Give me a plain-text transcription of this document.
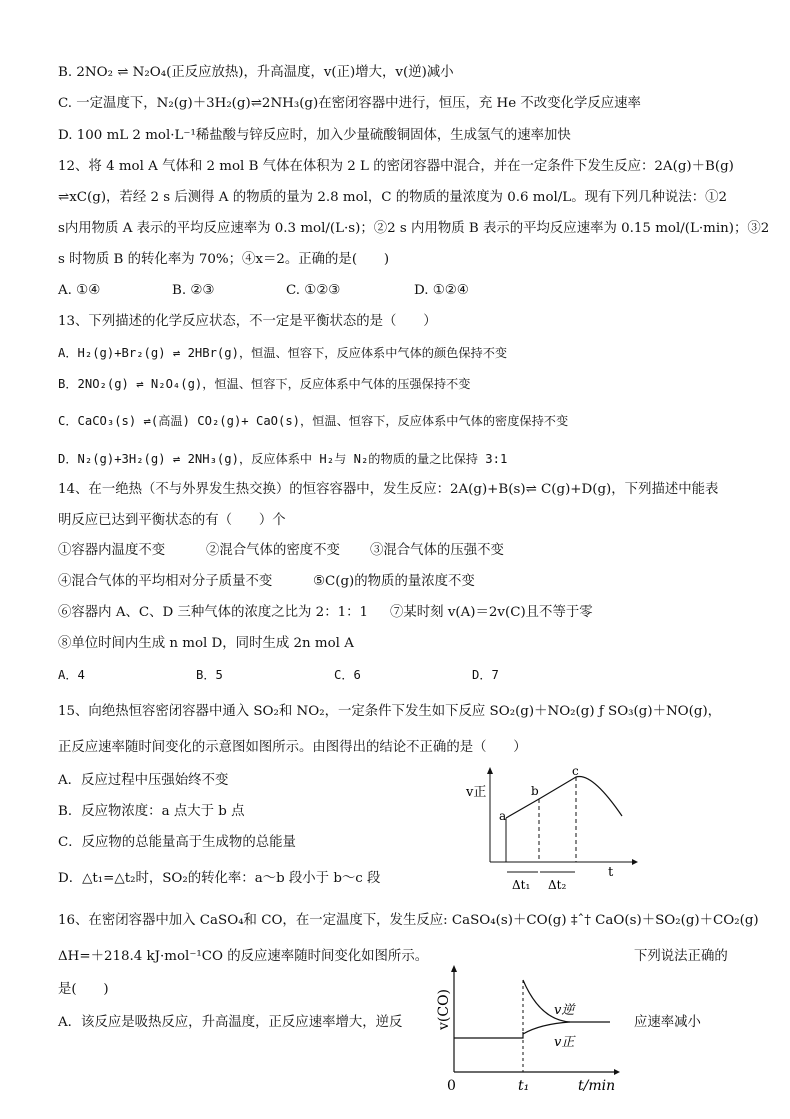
B. 2NO₂ ⇌ N₂O₄(正反应放热)，升高温度，v(正)增大，v(逆)减小
C. 一定温度下，N₂(g)＋3H₂(g)⇌2NH₃(g)在密闭容器中进行，恒压，充 He 不改变化学反应速率
D. 100 mL 2 mol·L⁻¹稀盐酸与锌反应时，加入少量硫酸铜固体，生成氢气的速率加快
12、将 4 mol A 气体和 2 mol B 气体在体积为 2 L 的密闭容器中混合，并在一定条件下发生反应：2A(g)＋B(g)
⇌xC(g)，若经 2 s 后测得 A 的物质的量为 2.8 mol，C 的物质的量浓度为 0.6 mol/L。现有下列几种说法：①2
s内用物质 A 表示的平均反应速率为 0.3 mol/(L·s)；②2 s 内用物质 B 表示的平均反应速率为 0.15 mol/(L·min)；③2
s 时物质 B 的转化率为 70%；④x＝2。正确的是(　　)
A. ①④	B. ②③	C. ①②③	D. ①②④
13、下列描述的化学反应状态，不一定是平衡状态的是（　　）
A．H₂(g)+Br₂(g) ⇌ 2HBr(g)，恒温、恒容下，反应体系中气体的颜色保持不变
B．2NO₂(g) ⇌ N₂O₄(g)，恒温、恒容下，反应体系中气体的压强保持不变
C．CaCO₃(s) ⇌(高温) CO₂(g)+ CaO(s)，恒温、恒容下，反应体系中气体的密度保持不变
D．N₂(g)+3H₂(g) ⇌ 2NH₃(g)，反应体系中 H₂与 N₂的物质的量之比保持 3:1
14、在一绝热（不与外界发生热交换）的恒容容器中，发生反应：2A(g)+B(s)⇌ C(g)+D(g)，下列描述中能表
明反应已达到平衡状态的有（　　）个
①容器内温度不变	②混合气体的密度不变 ③混合气体的压强不变
④混合气体的平均相对分子质量不变	⑤C(g)的物质的量浓度不变
⑥容器内 A、C、D 三种气体的浓度之比为 2：1：1 ⑦某时刻 v(A)＝2v(C)且不等于零
⑧单位时间内生成 n mol D，同时生成 2n mol A
A．4	B．5	C．6	D．7
15、向绝热恒容密闭容器中通入 SO₂和 NO₂，一定条件下发生如下反应 SO₂(g)＋NO₂(g) ƒ SO₃(g)＋NO(g)，
正反应速率随时间变化的示意图如图所示。由图得出的结论不正确的是（　　）
A．反应过程中压强始终不变
B．反应物浓度：a 点大于 b 点
C．反应物的总能量高于生成物的总能量
D．△t₁=△t₂时，SO₂的转化率：a～b 段小于 b～c 段
v正
t
a
b
c
Δt₁ Δt₂
16、在密闭容器中加入 CaSO₄和 CO，在一定温度下，发生反应: CaSO₄(s)＋CO(g) ‡ˆ† CaO(s)＋SO₂(g)＋CO₂(g)
ΔH=＋218.4 kJ·mol⁻¹CO 的反应速率随时间变化如图所示。	下列说法正确的
是(　　)
A．该反应是吸热反应，升高温度，正反应速率增大，逆反	应速率减小
v(CO)	v逆
v正
0	t₁	t/min
